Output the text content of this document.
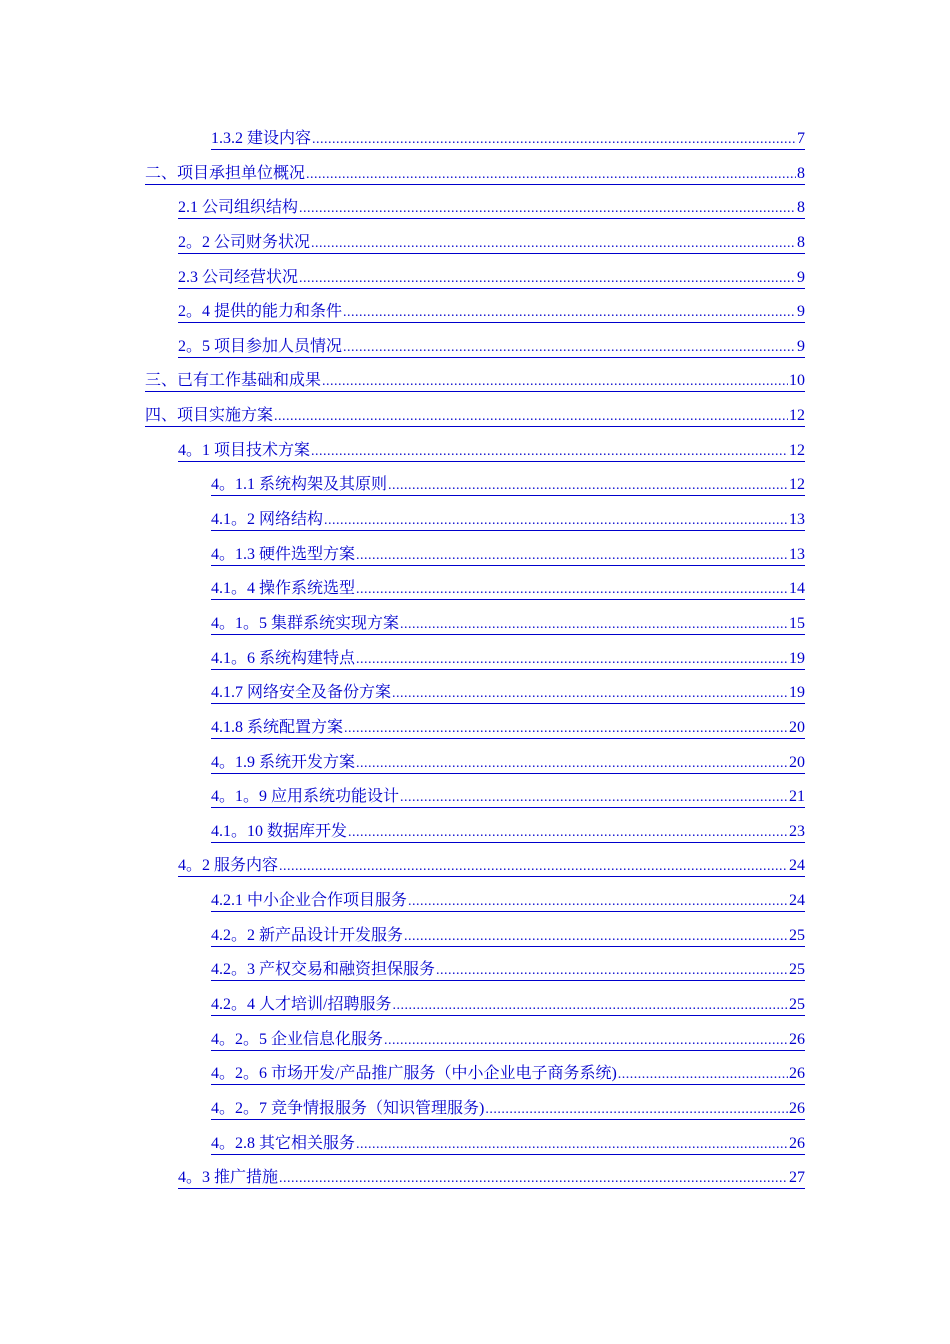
1.3.2 建设内容 .....	7
二、项目承担单位概况 .....	8
2.1 公司组织结构 .....	8
2。2 公司财务状况 .....	8
2.3 公司经营状况 .....	9
2。4 提供的能力和条件 .....	9
2。5 项目参加人员情况 .....	9
三、已有工作基础和成果 .....	10
四、项目实施方案 .....	12
4。1 项目技术方案 .....	12
4。1.1 系统构架及其原则 .....	12
4.1。2 网络结构 .....	13
4。1.3 硬件选型方案 .....	13
4.1。4 操作系统选型 .....	14
4。1。5 集群系统实现方案 .....	15
4.1。6 系统构建特点 .....	19
4.1.7 网络安全及备份方案 .....	19
4.1.8 系统配置方案 .....	20
4。1.9 系统开发方案 .....	20
4。1。9 应用系统功能设计 .....	21
4.1。10 数据库开发 .....	23
4。2 服务内容 .....	24
4.2.1 中小企业合作项目服务 .....	24
4.2。2 新产品设计开发服务 .....	25
4.2。3 产权交易和融资担保服务 .....	25
4.2。4 人才培训/招聘服务 .....	25
4。2。5 企业信息化服务 .....	26
4。2。6 市场开发/产品推广服务（中小企业电子商务系统) .....	26
4。2。7 竞争情报服务（知识管理服务) .....	26
4。2.8 其它相关服务 .....	26
4。3 推广措施 .....	27
